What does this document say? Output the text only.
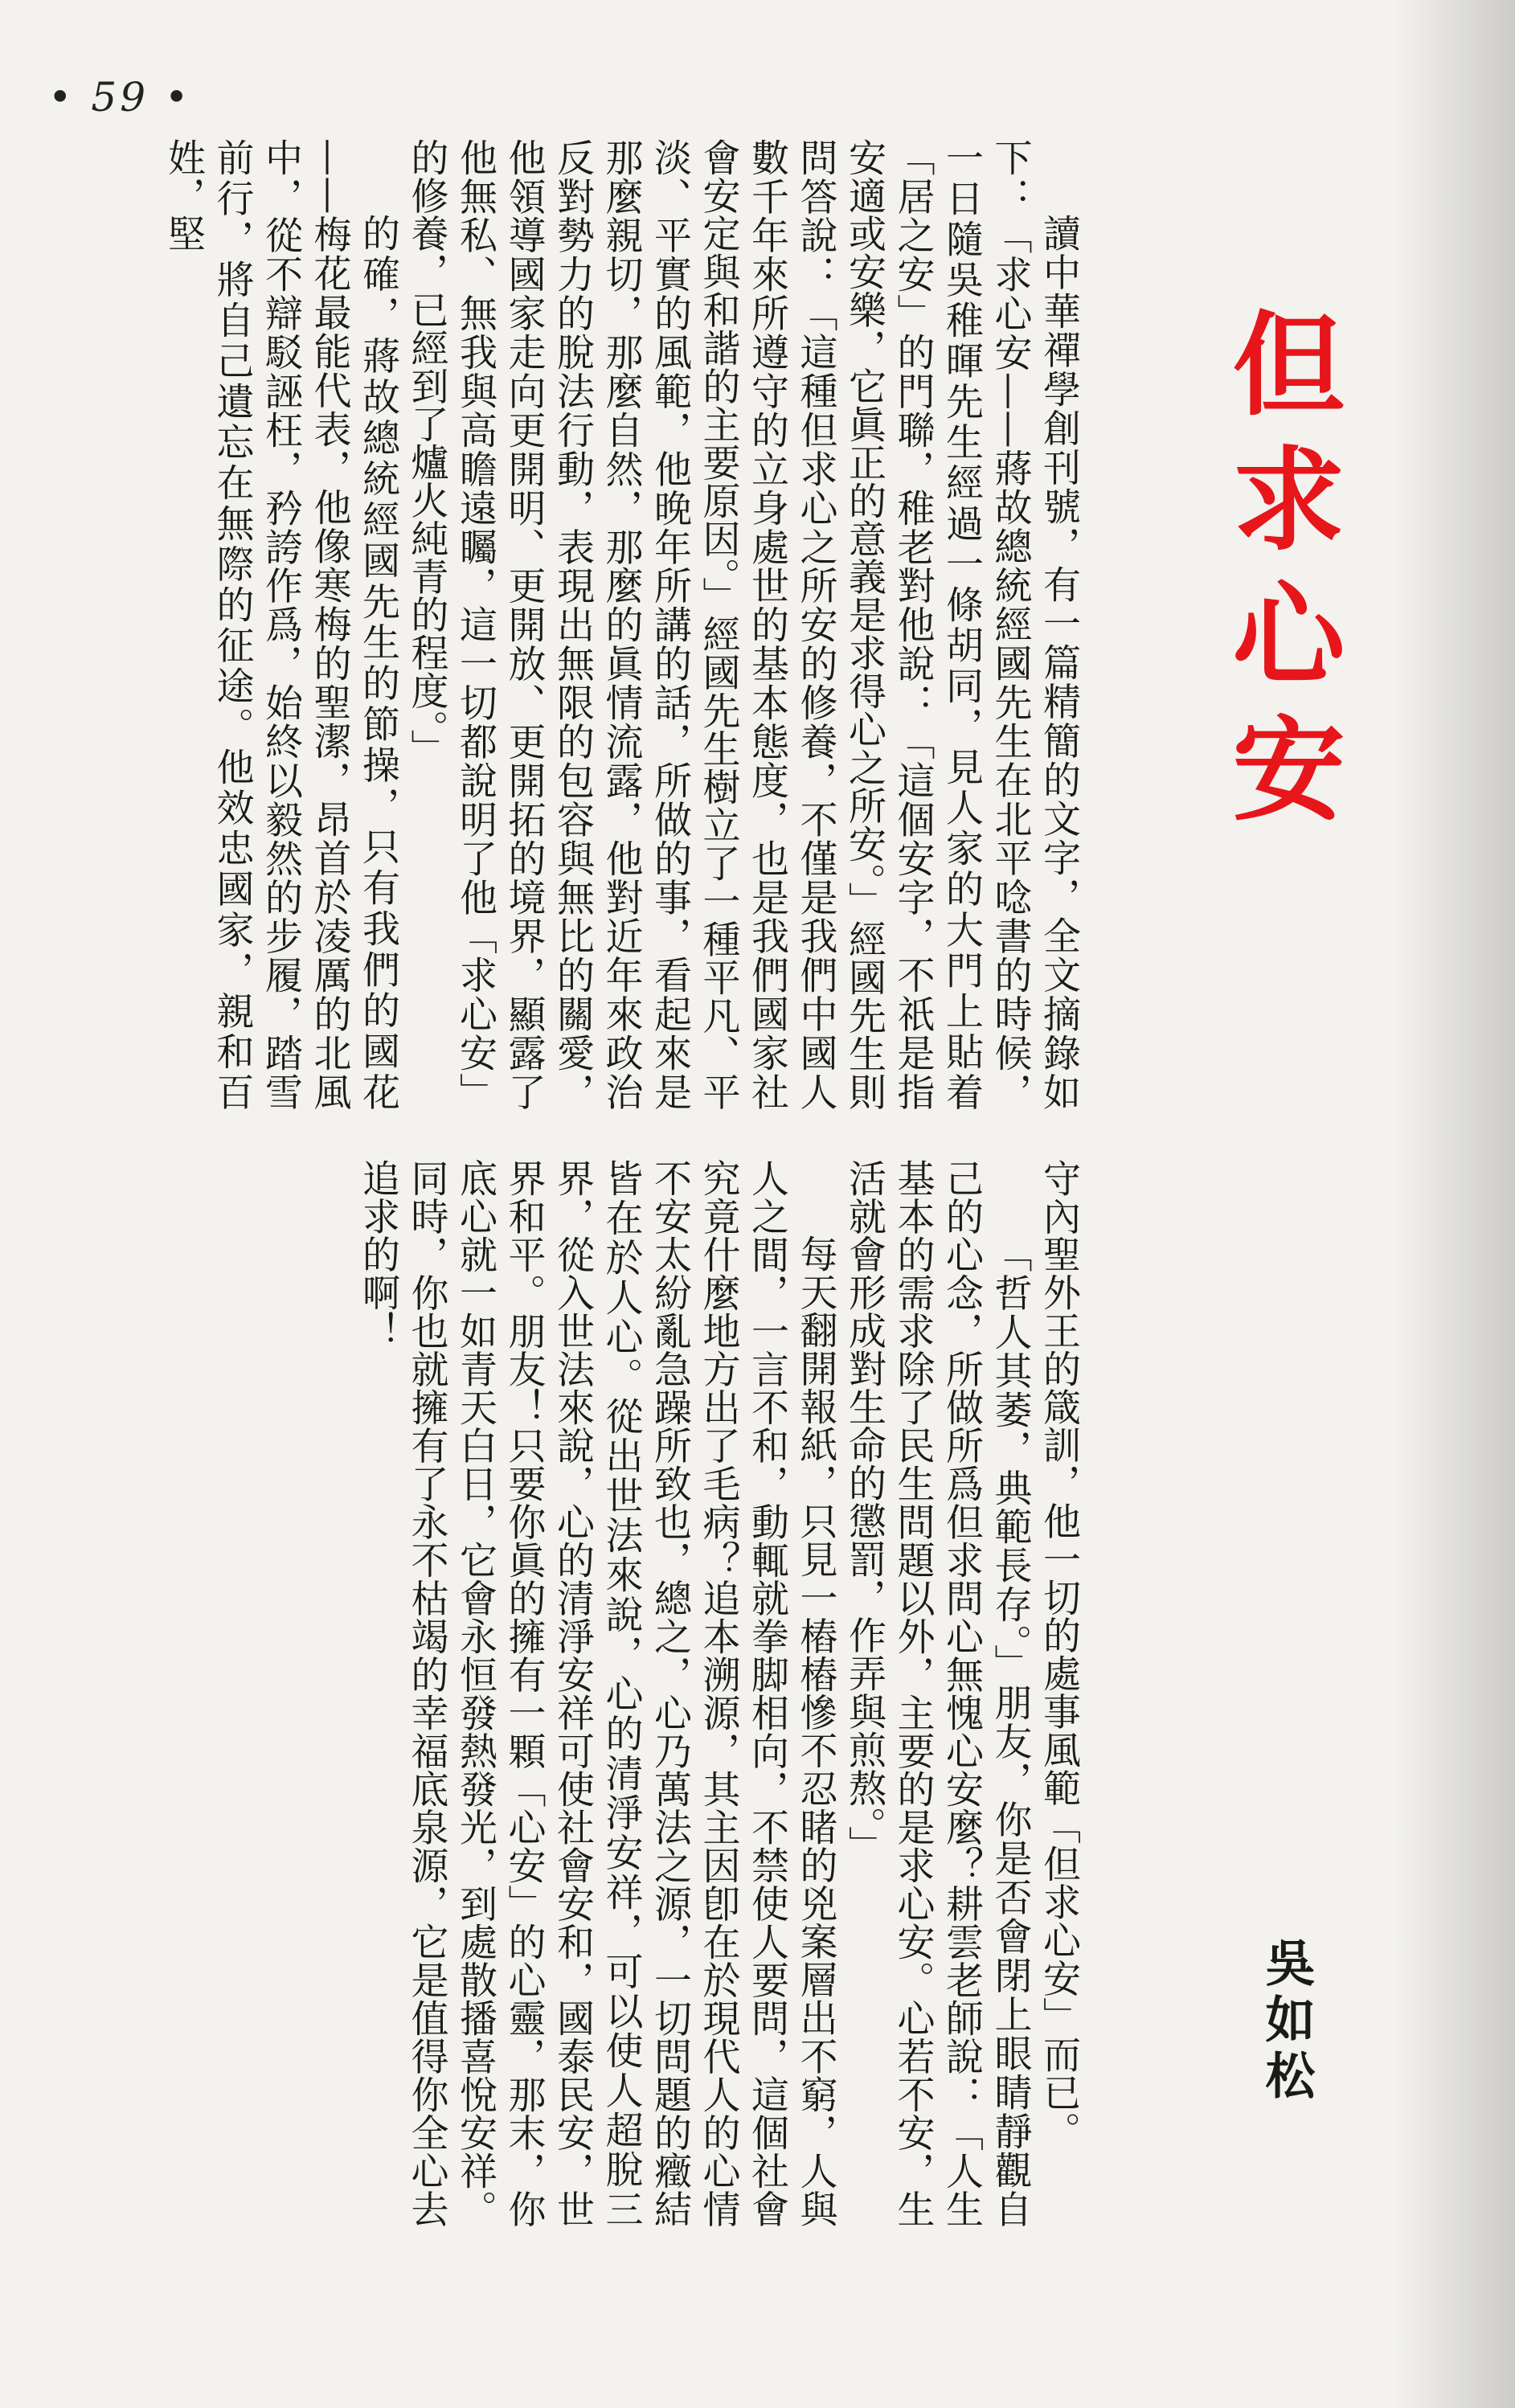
• 59 •
但求心安
吳如松

讀中華禪學創刊號，有一篇精簡的文字，全文摘錄如下：「求心安——蔣故總統經國先生在北平唸書的時候，一日隨吳稚暉先生經過一條胡同，見人家的大門上貼着「居之安」的門聯，稚老對他說：「這個安字，不祇是指安適或安樂，它眞正的意義是求得心之所安。」經國先生則問答說：「這種但求心之所安的修養，不僅是我們中國人數千年來所遵守的立身處世的基本態度，也是我們國家社會安定與和諧的主要原因。」經國先生樹立了一種平凡、平淡、平實的風範，他晚年所講的話，所做的事，看起來是那麼親切，那麼自然，那麼的眞情流露，他對近年來政治反對勢力的脫法行動，表現出無限的包容與無比的關愛，他領導國家走向更開明、更開放、更開拓的境界，顯露了他無私、無我與高瞻遠矚，這一切都說明了他「求心安」的修養，已經到了爐火純青的程度。」

的確，蔣故總統經國先生的節操，只有我們的國花——梅花最能代表，他像寒梅的聖潔，昂首於凌厲的北風中，從不辯駁誣枉，矜誇作爲，始終以毅然的步履，踏雪前行，將自己遺忘在無際的征途。他效忠國家，親和百姓，堅

守內聖外王的箴訓，他一切的處事風範「但求心安」而已。

「哲人其萎，典範長存。」朋友，你是否會閉上眼睛靜觀自己的心念，所做所爲但求問心無愧心安麼？耕雲老師說：「人生基本的需求除了民生問題以外，主要的是求心安。心若不安，生活就會形成對生命的懲罰，作弄與煎熬。」

每天翻開報紙，只見一樁樁慘不忍睹的兇案層出不窮，人與人之間，一言不和，動輒就拳脚相向，不禁使人要問，這個社會究竟什麼地方出了毛病？追本溯源，其主因卽在於現代人的心情不安太紛亂急躁所致也，總之，心乃萬法之源，一切問題的癥結皆在於人心。從出世法來說，心的清淨安祥，可以使人超脫三界，從入世法來說，心的清淨安祥可使社會安和，國泰民安，世界和平。朋友！只要你眞的擁有一顆「心安」的心靈，那末，你底心就一如青天白日，它會永恒發熱發光，到處散播喜悅安祥。同時，你也就擁有了永不枯竭的幸福底泉源，它是值得你全心去追求的啊！
